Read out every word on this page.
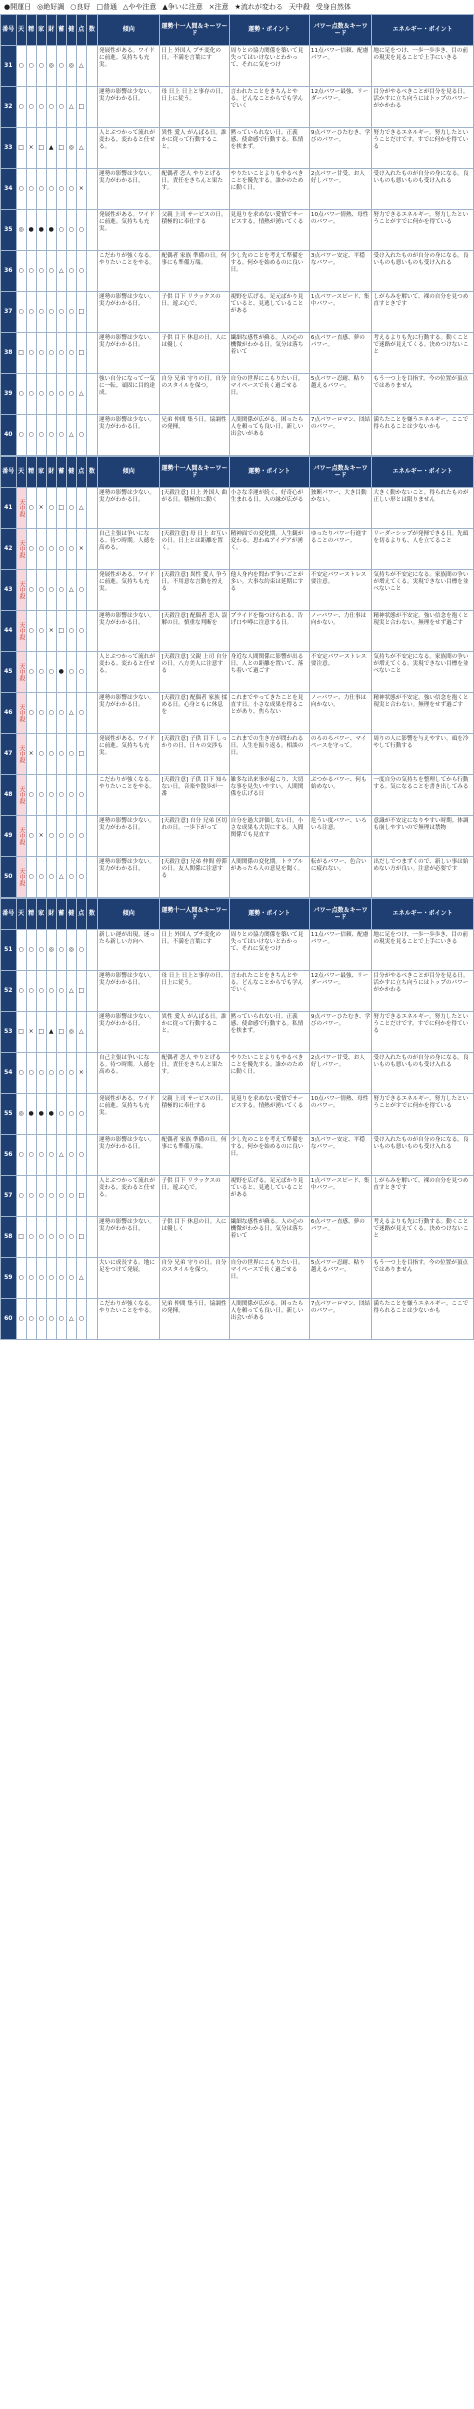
●開運日 ◎絶好調 ○良好 □普通 △やや注意 ▲争いに注意 ×注意 ★流れが変わる 天中殺 受身自然体
番号	天	精	家	財	蓄	健	点	数	傾向	運勢十一人間＆キーワード	運勢・ポイント	パワー点数＆キーワード	エネルギー・ポイント
31	○	○	○	◎	○	◎	△		発展性がある。ワイドに前進。気持ちも充実。	日上 外国人 プチ変化の日。不満を言葉にす	周りとの協力関係を築いて見失ってはいけないとわかって、それに気をつけ	11点パワー信頼、配慮パワー。	地に足をつけ、一歩一歩歩き、目の前の現実を見ることで上手にいきる
32	○	○	○	○	○	△	□		運勢の影響は少ない。実力がわかる日。	母 日上 日上と事存の日。日上に従う。	言われたことをきちんとやる。どんなことからでも学んでいく	12点パワー最強、リーダーパワー。	目分がやるべきことが目分を見る日。活かすに立ち向うにはトップのパワーがかかわる
33	□	×	□	▲	□	◎	△		人とぶつかって流れが変わる。変わると任せる。	異性 愛人 がんばる日。誰かに従って行動すること。	黙っていられない日。正義感、使命感で行動する。私情を挟まず。	9点パワーひたむき、学びのパワー。	努力できるエネルギー。努力したということだけです。すでに何かを得ている
34	○	○	○	○	○	○	×		運勢の影響は少ない。実力がわかる日。	配偶者 恋人 やりとげる日。責任をきちんと果たす。	やりたいことよりもやるべきことを優先する。誰かのために動く日。	2点パワー甘受、お人好しパワー。	受け入れたものが自分の身になる。良いものも悪いものも受け入れる
35	◎	●	●	●	○	○	○		発展性がある。ワイドに前進。気持ちも充実。	父親 上司 サービスの日。積極的に奉仕する	見返りを求めない愛情でサービスする。情熱が湧いてくる	10点パワー情熱、母性のパワー。	努力できるエネルギー。努力したということがすでに何かを得ている
36	○	○	○	○	△	○	○		こだわりが強くなる。やりたいことをやる。	配偶者 家族 準備の日。何事にも準備万端。	少し先のことを考えて準備をする。何かを始めるのに良い日。	3点パワー安定、平穏なパワー。	受け入れたものが自分の身になる。良いものも悪いものも受け入れる
37	○	○	○	○	○	○	□		運勢の影響は少ない。実力がわかる日。	子供 目下 リラックスの日。遊ぶ心で。	視野を広げる。足元ばかり見ていると、見逃していることがある	1点パワースピード、集中パワー。	しがらみを解いて、裸の自分を見つめ直すときです
38	□	○	○	○	○	○	□		運勢の影響は少ない。実力がわかる日。	子供 目下 休息の日。人には優しく	繊細な感性が蘇る。人の心の機微がわかる日。気分は落ち着いて	6点パワー直感、夢のパワー。	考えるよりも先に行動する。動くことで迷路が見えてくる。決めつけないこと
39	○	○	○	○	○	○	△		強い自分になって一気に一転。頑固に目的達成。	自分 兄弟 守りの日。自分のスタイルを保つ。	自分の世界にこもりたい日。マイペースで長く過ごせる日。	5点パワー忍耐、粘り越えるパワー。	もう一つ上を目指す。今の位置が頂点ではありません
40	○	○	○	○	○	△	○		運勢の影響は少ない。実力がわかる日。	兄弟 仲間 集う日。協調性の発揮。	人間関係が広がる。困ったら人を頼っても良い日。新しい出会いがある	7点パワーロマン、団結のパワー。	満ちたことを嫌うエネルギー。ここで得られることは少ないかも
番号	天	精	家	財	蓄	健	点	数	傾向	運勢十一人間＆キーワード	運勢・ポイント	パワー点数＆キーワード	エネルギー・ポイント
41	天中殺	○	×	○	□	○	△		運勢の影響は少ない。実力がわかる日。	[天殺注意] 日上 外国人 曲がる日。積極的に動く	小さな幸運が続く、好奇心が生まれる日。人の縁が広がる	独断パワー、大き目動かない。	大きく動かないこと。得られたものが正しい形とは限りません
42	天中殺	○	○	○	○	○	×		自己主張は争いになる。待つ時期。人徳を高める。	[天殺注意] 母 日上 お互いの日。日上とは距離を置く。	精神面での変化期。人生観が変わる。思わぬアイデアが湧く。	ゆったりパワー行進することのパワー。	リーダーシップが発揮できる日。先頭を切るよりも、人を立てること
43	天中殺	○	○	○	○	△	○		発展性がある。ワイドに前進。気持ちも充実。	[天殺注意] 異性 愛人 争う日。不用意な言動を控える	他人身内を問わず争いごとが多い。大事な約束は延期にする	不安定パワーストレス要注意。	気持ちが不安定になる。家族間の争いが増えてくる。実現できない目標を並べないこと
44	天中殺	○	○	×	□	○	○		運勢の影響は少ない。実力がわかる日。	[天殺注意] 配偶者 恋人 誤解の日。慎重な判断を	プライドを傷つけられる。告げ口や噂に注意する日。	ノーパワー、力仕事は向かない。	精神状態が不安定。強い信念を抱くと現実と合わない。無理をせず過ごす
45	天中殺	○	○	○	●	○	○		人とぶつかって流れが変わる。変わると任せる。	[天殺注意] 父親 上司 自分の日。八方美人に注意する	身近な人間関係に影響が出る日。人との距離を置いて、落ち着いて過ごす	不安定パワーストレス要注意。	気持ちが不安定になる。家族間の争いが増えてくる。実現できない目標を並べないこと
46	天中殺	○	○	○	○	△	○		運勢の影響は少ない。実力がわかる日。	[天殺注意] 配偶者 家族 揉める日。心身ともに休息を	これまでやってきたことを見直す日。小さな成果を得ることがあり、焦らない	ノーパワー、力仕事は向かない。	精神状態が不安定。強い信念を抱くと現実と合わない。無理をせず過ごす
47	天中殺	×	○	○	○	○	□		発展性がある。ワイドに前進。気持ちも充実。	[天殺注意] 子供 目下 しっかりの日。日々の交渉も	これまでの生き方が問われる日。人生を振り返る。相談の日。	のろのろパワー、マイペースを守って。	周りの人に影響を与えやすい。頭を冷やして行動する
48	天中殺	○	○	○	○	○	○		こだわりが強くなる。やりたいことをやる。	[天殺注意] 子供 目下 知らない日。音楽や散歩が一番	雑多な出来事が起こり、大切な事を見失いやすい。人間関係を広げる日	ぶつかるパワー、何も始めない。	一度自分の気持ちを整理してから行動する。気になることを書き出してみる
49	天中殺	○	×	○	○	○	○		運勢の影響は少ない。実力がわかる日。	[天殺注意] 自分 兄弟 区切れの日。一歩下がって	自分を過大評価しない日。小さな成果も大切にする。人間関係でも見直す	危うい度パワー、いろいろ注意。	意識が不安定になりやすい時期。体調も崩しやすいので無理は禁物
50	天中殺	○	○	○	△	○	○		運勢の影響は少ない。実力がわかる日。	[天殺注意] 兄弟 仲間 停滞の日。友人関係に注意する	人間関係の変化期。トラブルがあったら人の意見を聞く。	転がるパワー、色合いに疲れない。	出だしでつまずくので、新しい事は始めない方が良い。注意が必要です
番号	天	精	家	財	蓄	健	点	数	傾向	運勢十一人間＆キーワード	運勢・ポイント	パワー点数＆キーワード	エネルギー・ポイント
51	○	○	○	◎	○	◎	○		新しい運が出現。迷ったら新しい方向へ	日上 外国人 プチ変化の日。不満を言葉にす	周りとの協力関係を築いて見失ってはいけないとわかって、それに気をつけ	11点パワー信頼、配慮パワー。	地に足をつけ、一歩一歩歩き、目の前の現実を見ることで上手にいきる
52	○	○	○	○	○	△	□		運勢の影響は少ない。実力がわかる日。	母 日上 日上と事存の日。日上に従う。	言われたことをきちんとやる。どんなことからでも学んでいく	12点パワー最強、リーダーパワー。	目分がやるべきことが目分を見る日。活かすに立ち向うにはトップのパワーがかかわる
53	□	×	□	▲	□	◎	△		運勢の影響は少ない。実力がわかる日。	異性 愛人 がんばる日。誰かに従って行動すること。	黙っていられない日。正義感、使命感で行動する。私情を挟まず。	9点パワーひたむき、学びのパワー。	努力できるエネルギー。努力したということだけです。すでに何かを得ている
54	○	○	○	○	○	○	×		自己主張は争いになる。待つ時期。人徳を高める。	配偶者 恋人 やりとげる日。責任をきちんと果たす。	やりたいことよりもやるべきことを優先する。誰かのために動く日。	2点パワー甘受、お人好しパワー。	受け入れたものが自分の身になる。良いものも悪いものも受け入れる
55	◎	●	●	●	○	○	○		発展性がある。ワイドに前進。気持ちも充実。	父親 上司 サービスの日。積極的に奉仕する	見返りを求めない愛情でサービスする。情熱が湧いてくる	10点パワー情熱、母性のパワー。	努力できるエネルギー。努力したということがすでに何かを得ている
56	○	○	○	○	△	○	○		運勢の影響は少ない。実力がわかる日。	配偶者 家族 準備の日。何事にも準備万端。	少し先のことを考えて準備をする。何かを始めるのに良い日。	3点パワー安定、平穏なパワー。	受け入れたものが自分の身になる。良いものも悪いものも受け入れる
57	○	○	○	○	○	○	□		人とぶつかって流れが変わる。変わると任せる。	子供 目下 リラックスの日。遊ぶ心で。	視野を広げる。足元ばかり見ていると、見逃していることがある	1点パワースピード、集中パワー。	しがらみを解いて、裸の自分を見つめ直すときです
58	□	○	○	○	○	○	□		運勢の影響は少ない。実力がわかる日。	子供 目下 休息の日。人には優しく	繊細な感性が蘇る。人の心の機微がわかる日。気分は落ち着いて	6点パワー直感、夢のパワー。	考えるよりも先に行動する。動くことで迷路が見えてくる。決めつけないこと
59	○	○	○	○	○	○	△		大いに成長する。地に足をつけて発展。	自分 兄弟 守りの日。自分のスタイルを保つ。	自分の世界にこもりたい日。マイペースで長く過ごせる日。	5点パワー忍耐、粘り越えるパワー。	もう一つ上を目指す。今の位置が頂点ではありません
60	○	○	○	○	○	△	○		こだわりが強くなる。やりたいことをやる。	兄弟 仲間 集う日。協調性の発揮。	人間関係が広がる。困ったら人を頼っても良い日。新しい出会いがある	7点パワーロマン、団結のパワー。	満ちたことを嫌うエネルギー。ここで得られることは少ないかも
